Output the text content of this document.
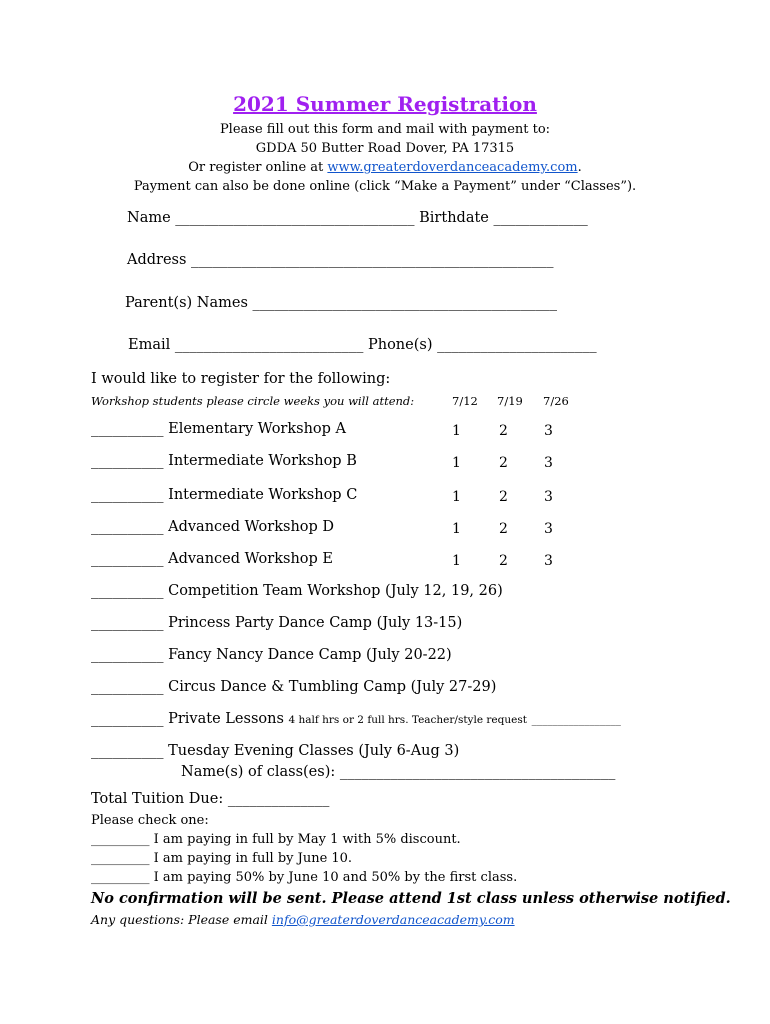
2021 Summer Registration
Please fill out this form and mail with payment to:
GDDA 50 Butter Road Dover, PA 17315
Or register online at www.greaterdoverdanceacademy.com.
Payment can also be done online (click “Make a Payment” under “Classes”).
Name _________________________________ Birthdate _____________
Address __________________________________________________
Parent(s) Names __________________________________________
Email __________________________ Phone(s) ______________________
I would like to register for the following:
Workshop students please circle weeks you will attend:	7/12 7/19 7/26
__________ Elementary Workshop A	1	2	3
__________ Intermediate Workshop B	1	2	3
__________ Intermediate Workshop C	1	2	3
__________ Advanced Workshop D	1	2	3
__________ Advanced Workshop E	1	2	3
__________ Competition Team Workshop (July 12, 19, 26)
__________ Princess Party Dance Camp (July 13-15)
__________ Fancy Nancy Dance Camp (July 20-22)
__________ Circus Dance & Tumbling Camp (July 27-29)
__________ Private Lessons 4 half hrs or 2 full hrs. Teacher/style request _________________
__________ Tuesday Evening Classes (July 6-Aug 3)
Name(s) of class(es): ______________________________________
Total Tuition Due: ______________
Please check one:
_________ I am paying in full by May 1 with 5% discount.
_________ I am paying in full by June 10.
_________ I am paying 50% by June 10 and 50% by the first class.
No confirmation will be sent. Please attend 1st class unless otherwise notified.
Any questions: Please email info@greaterdoverdanceacademy.com
